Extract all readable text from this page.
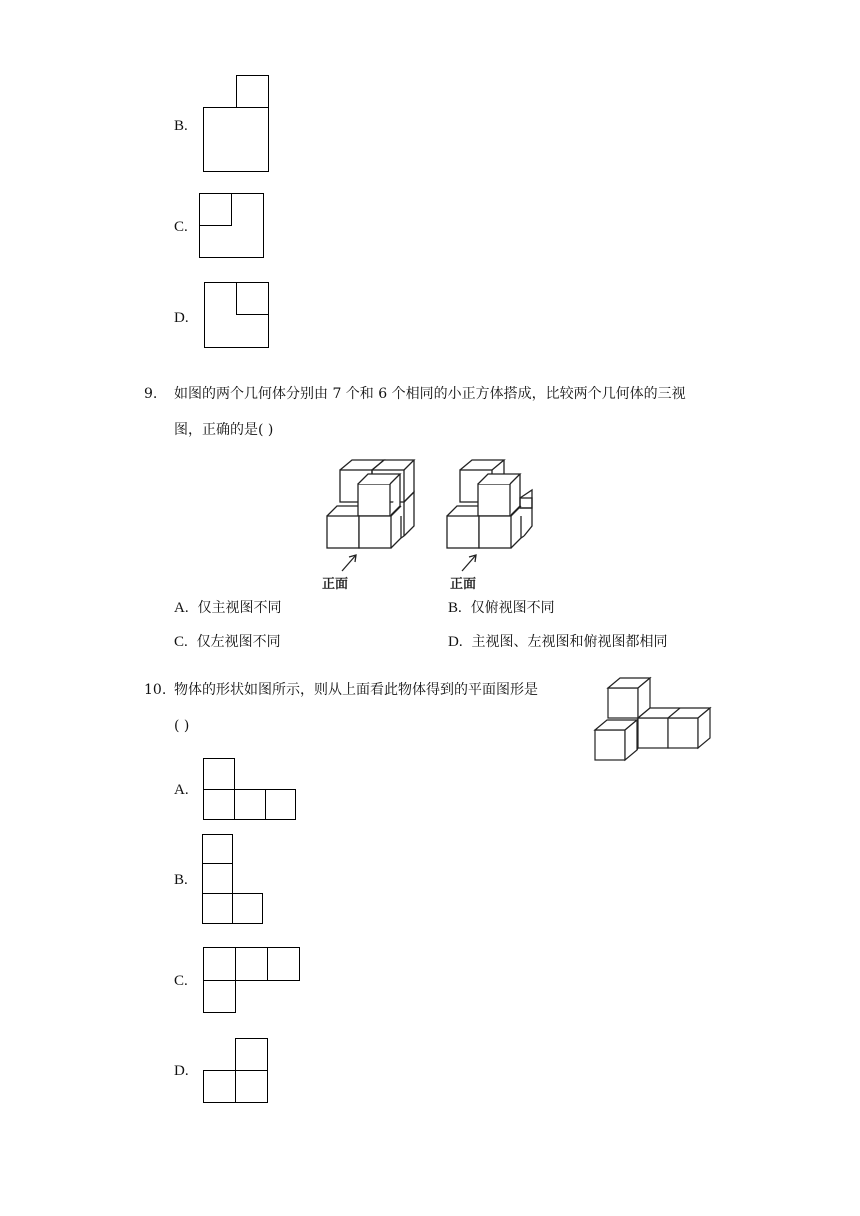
B.
C.
D.
9. 如图的两个几何体分别由 7 个和 6 个相同的小正方体搭成，比较两个几何体的三视
图，正确的是( )
正面	正面
A. 仅主视图不同	B. 仅俯视图不同
C. 仅左视图不同	D. 主视图、左视图和俯视图都相同
10. 物体的形状如图所示，则从上面看此物体得到的平面图形是
( )
A.
B.
C.
D.
